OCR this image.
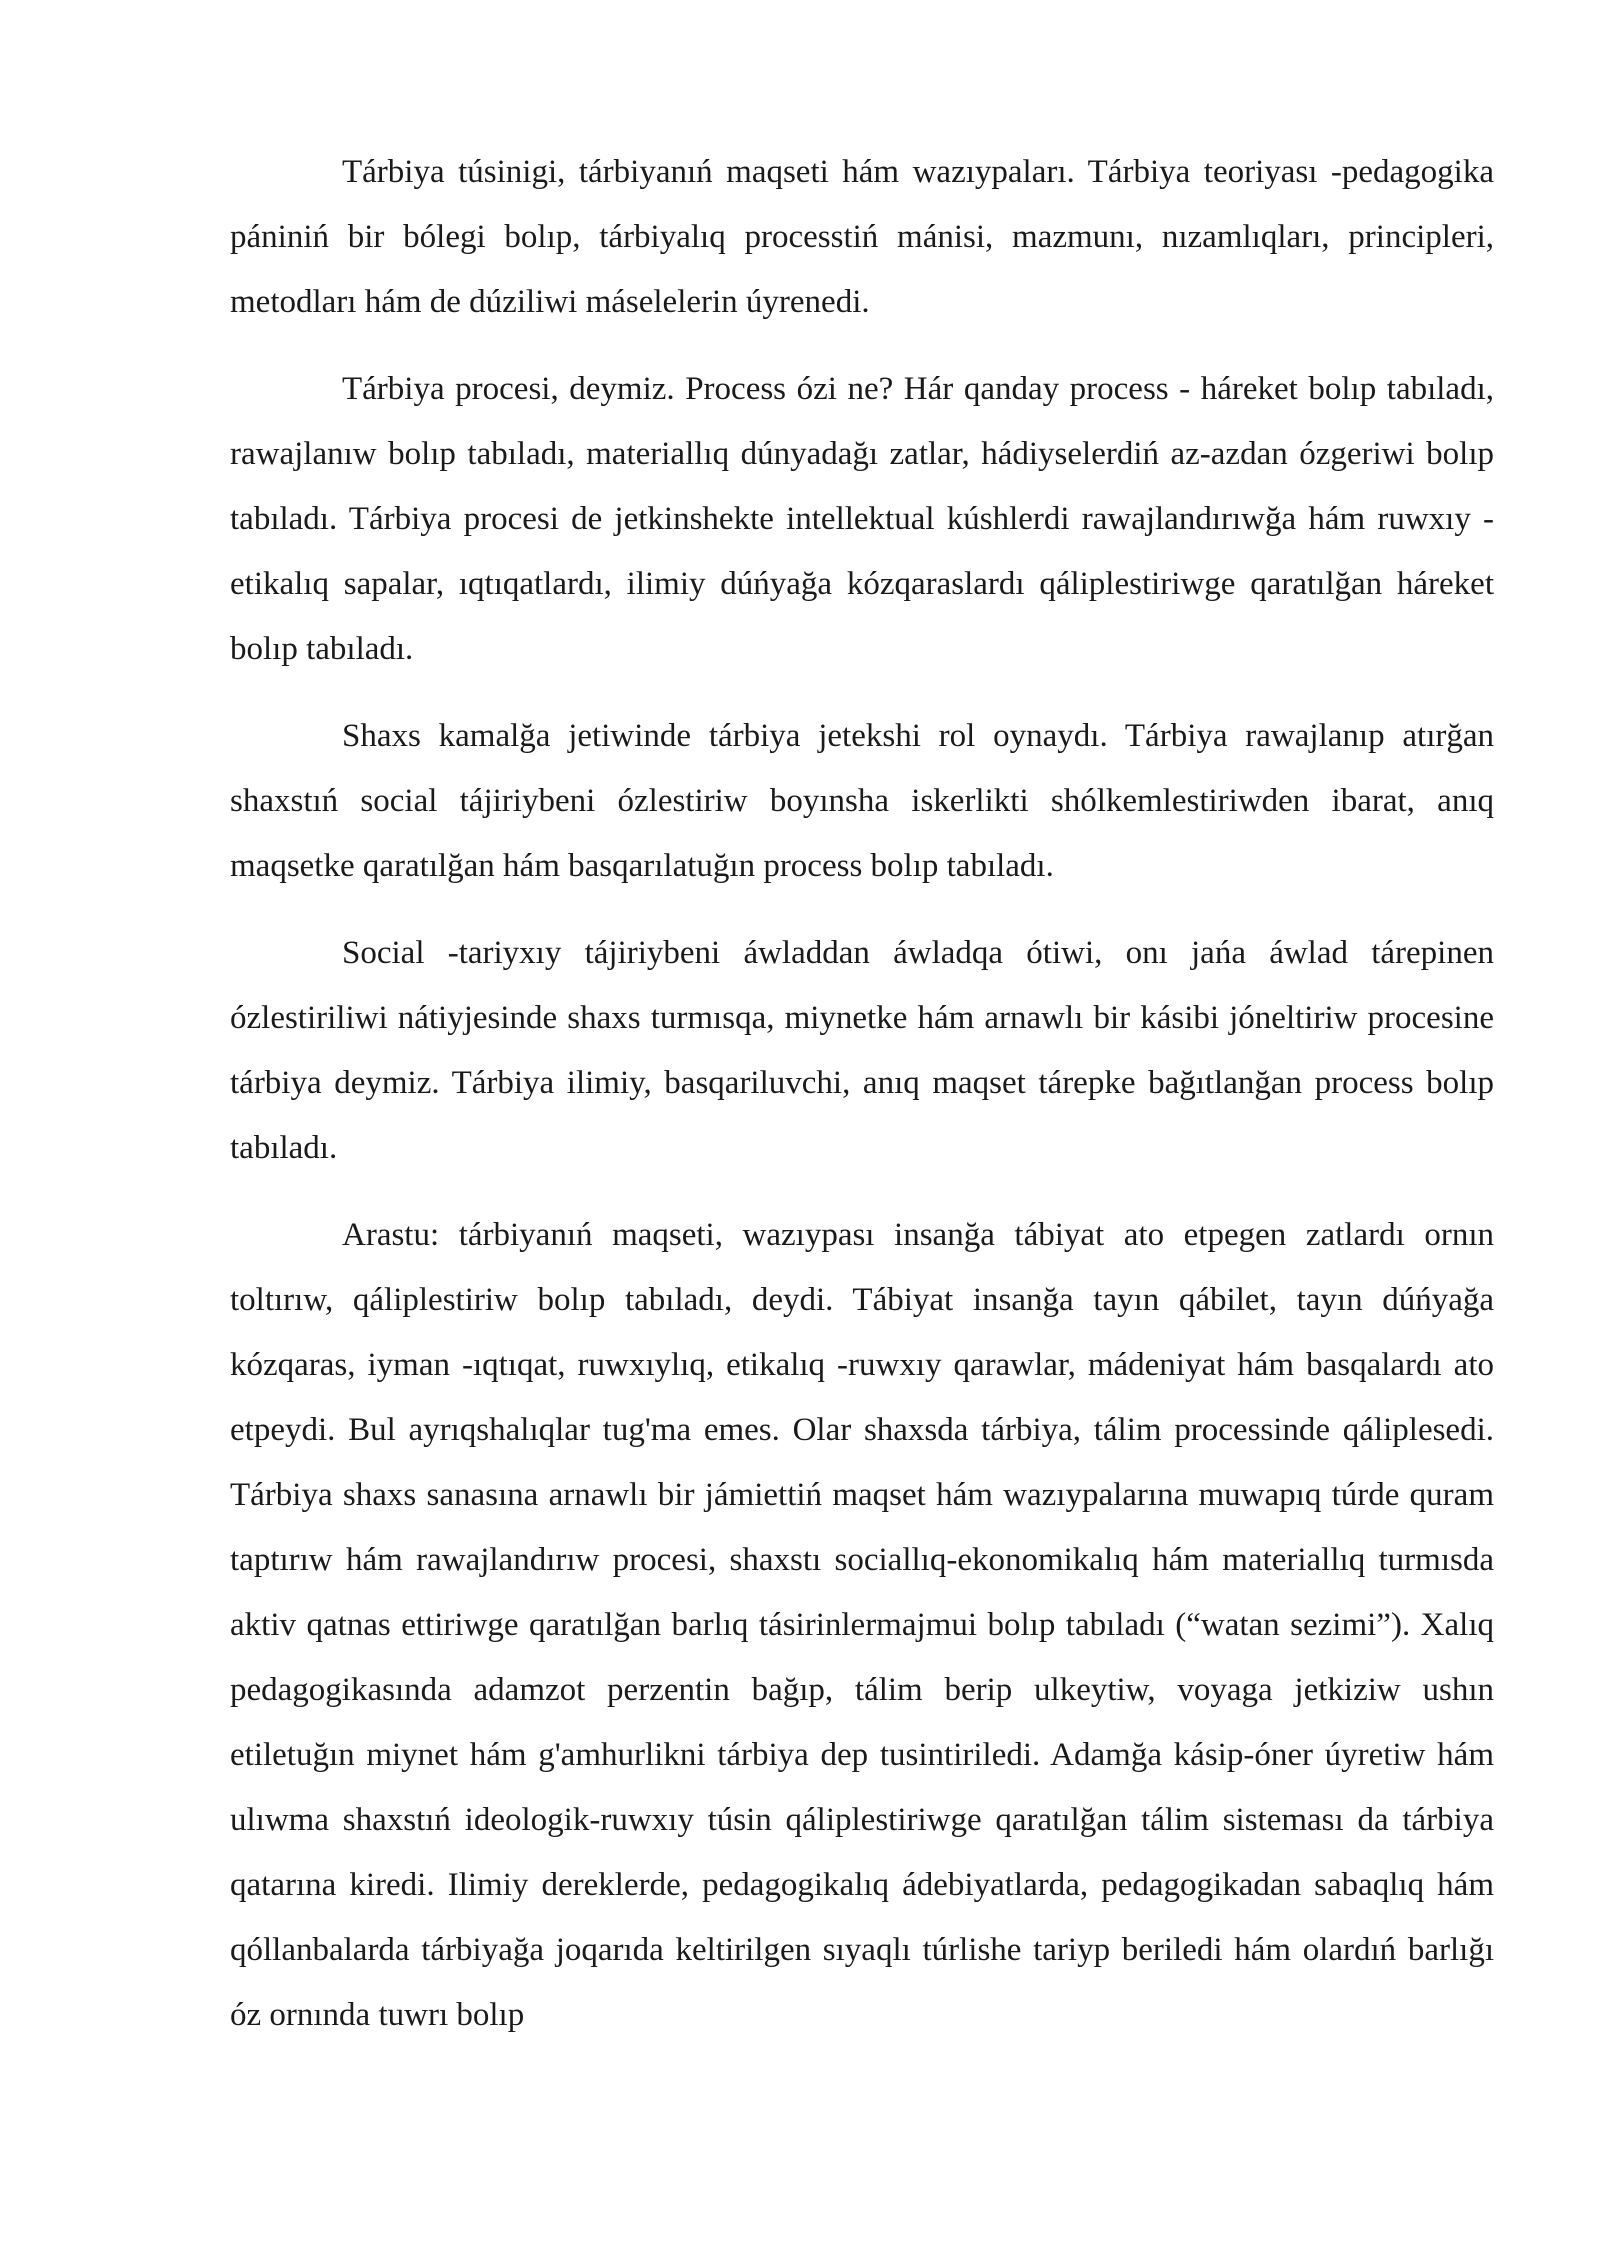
Tárbiya túsinigi, tárbiyanıń maqseti hám wazıypaları. Tárbiya teoriyası -pedagogika pániniń bir bólegi bolıp, tárbiyalıq processtiń mánisi, mazmunı, nızamlıqları, principleri, metodları hám de dúziliwi máselelerin úyrenedi.

Tárbiya procesi, deymiz. Process ózi ne? Hár qanday process - háreket bolıp tabıladı, rawajlanıw bolıp tabıladı, materiallıq dúnyadağı zatlar, hádiyselerdiń az-azdan ózgeriwi bolıp tabıladı. Tárbiya procesi de jetkinshekte intellektual kúshlerdi rawajlandırıwğa hám ruwxıy - etikalıq sapalar, ıqtıqatlardı, ilimiy dúńyağa kózqaraslardı qáliplestiriwge qaratılğan háreket bolıp tabıladı.

Shaxs kamalğa jetiwinde tárbiya jetekshi rol oynaydı. Tárbiya rawajlanıp atırğan shaxstıń social tájiriybeni ózlestiriw boyınsha iskerlikti shólkemlestiriwden ibarat, anıq maqsetke qaratılğan hám basqarılatuğın process bolıp tabıladı.

Social -tariyxıy tájiriybeni áwladdan áwladqa ótiwi, onı jańa áwlad tárepinen ózlestiriliwi nátiyjesinde shaxs turmısqa, miynetke hám arnawlı bir kásibi jóneltiriw procesine tárbiya deymiz. Tárbiya ilimiy, basqariluvchi, anıq maqset tárepke bağıtlanğan process bolıp tabıladı.

Arastu: tárbiyanıń maqseti, wazıypası insanğa tábiyat ato etpegen zatlardı ornın toltırıw, qáliplestiriw bolıp tabıladı, deydi. Tábiyat insanğa tayın qábilet, tayın dúńyağa kózqaras, iyman -ıqtıqat, ruwxıylıq, etikalıq -ruwxıy qarawlar, mádeniyat hám basqalardı ato etpeydi. Bul ayrıqshalıqlar tug'ma emes. Olar shaxsda tárbiya, tálim processinde qáliplesedi. Tárbiya shaxs sanasına arnawlı bir jámiettiń maqset hám wazıypalarına muwapıq túrde quram taptırıw hám rawajlandırıw procesi, shaxstı sociallıq-ekonomikalıq hám materiallıq turmısda aktiv qatnas ettiriwge qaratılğan barlıq tásirinlermajmui bolıp tabıladı (“watan sezimi”). Xalıq pedagogikasında adamzot perzentin bağıp, tálim berip ulkeytiw, voyaga jetkiziw ushın etiletuğın miynet hám g'amhurlikni tárbiya dep tusintiriledi. Adamğa kásip-óner úyretiw hám ulıwma shaxstıń ideologik-ruwxıy túsin qáliplestiriwge qaratılğan tálim sisteması da tárbiya qatarına kiredi. Ilimiy dereklerde, pedagogikalıq ádebiyatlarda, pedagogikadan sabaqlıq hám qóllanbalarda tárbiyağa joqarıda keltirilgen sıyaqlı túrlishe tariyp beriledi hám olardıń barlığı óz ornında tuwrı bolıp
